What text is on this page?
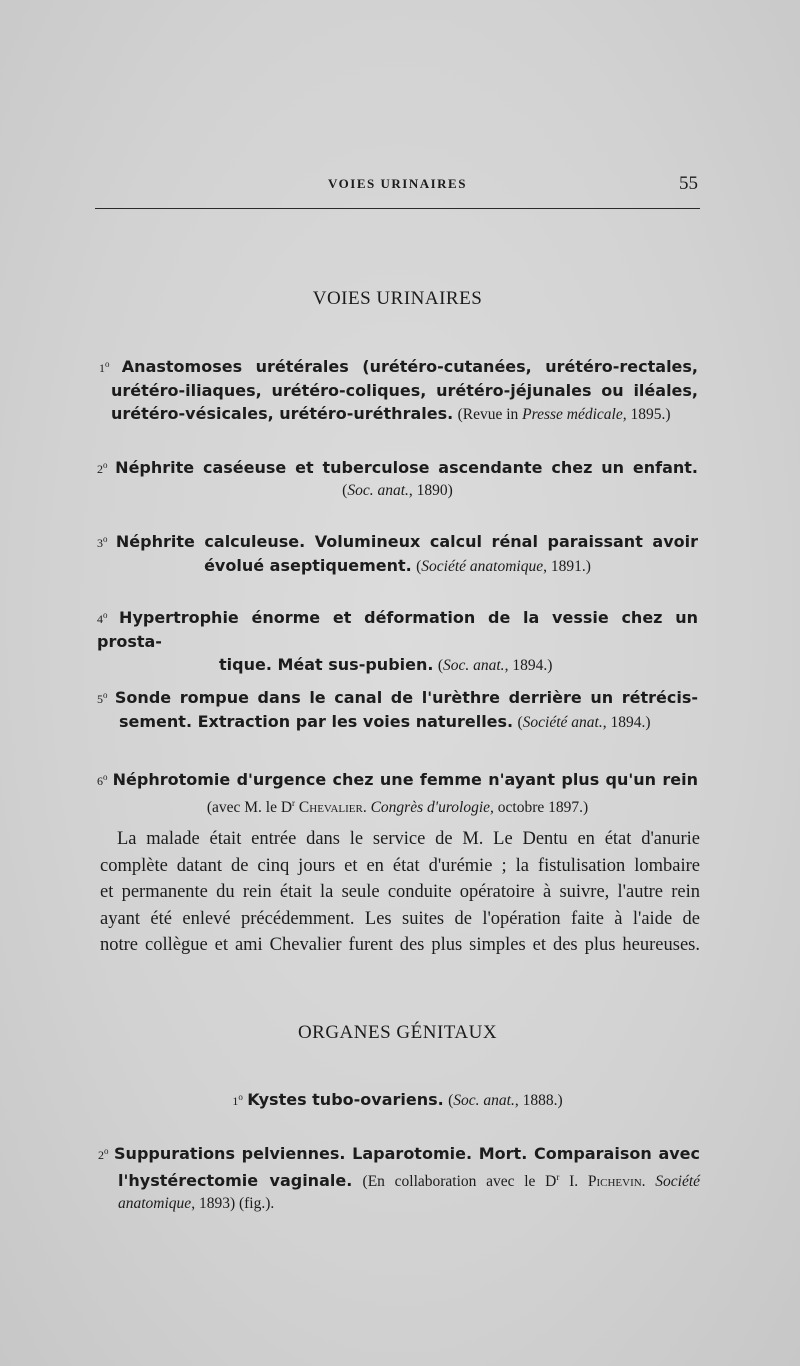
VOIES URINAIRES	55
VOIES URINAIRES
1$^o$ Anastomoses urétérales (urétéro-cutanées, urétéro-rectales,
urétéro-iliaques, urétéro-coliques, urétéro-jéjunales ou iléales,
urétéro-vésicales, urétéro-uréthrales. (Revue in Presse médicale, 1895.)
2$^o$ Néphrite caséeuse et tuberculose ascendante chez un enfant.
(Soc. anat., 1890)
3$^o$ Néphrite calculeuse. Volumineux calcul rénal paraissant avoir
évolué aseptiquement. (Société anatomique, 1891.)
4$^o$ Hypertrophie énorme et déformation de la vessie chez un prosta-
tique. Méat sus-pubien. (Soc. anat., 1894.)
5$^o$ Sonde rompue dans le canal de l'urèthre derrière un rétrécis-
sement. Extraction par les voies naturelles. (Société anat., 1894.)
6$^o$ Néphrotomie d'urgence chez une femme n'ayant plus qu'un rein
(avec M. le $D^r$ Chevalier. Congrès d'urologie, octobre 1897.)
La malade était entrée dans le service de M. Le Dentu en état d'anurie
complète datant de cinq jours et en état d'urémie ; la fistulisation lombaire
et permanente du rein était la seule conduite opératoire à suivre, l'autre rein
ayant été enlevé précédemment. Les suites de l'opération faite à l'aide de
notre collègue et ami Chevalier furent des plus simples et des plus heureuses.
ORGANES GÉNITAUX
1$^o$ Kystes tubo-ovariens. (Soc. anat., 1888.)
2$^o$ Suppurations pelviennes. Laparotomie. Mort. Comparaison avec
l'hystérectomie vaginale. (En collaboration avec le $D^r$ I. Pichevin. Société
anatomique, 1893) (fig.).
